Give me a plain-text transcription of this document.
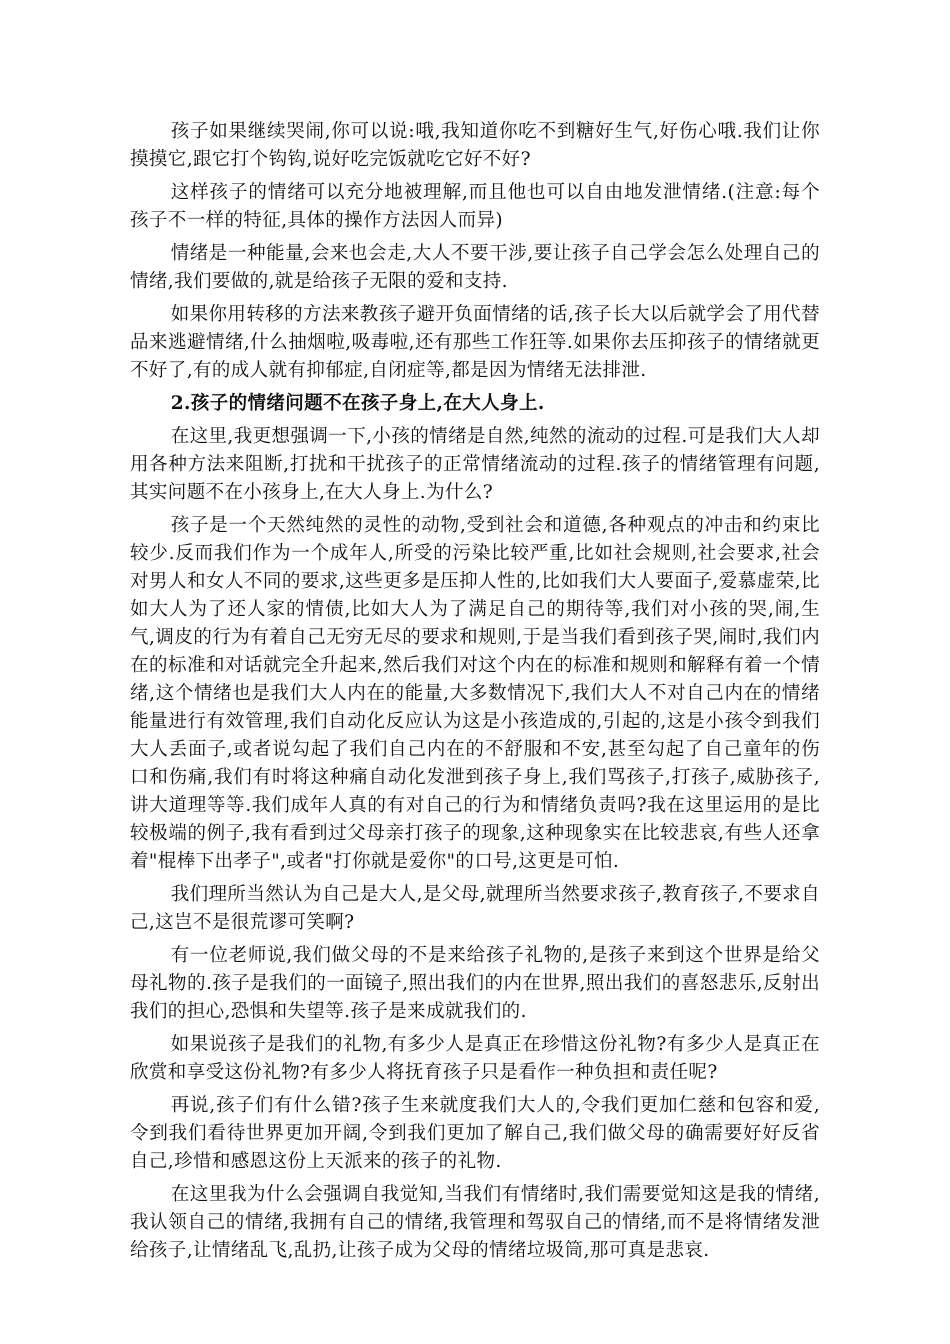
孩子如果继续哭闹,你可以说:哦,我知道你吃不到糖好生气,好伤心哦.我们让你摸摸它,跟它打个钩钩,说好吃完饭就吃它好不好?

这样孩子的情绪可以充分地被理解,而且他也可以自由地发泄情绪.(注意:每个孩子不一样的特征,具体的操作方法因人而异)

情绪是一种能量,会来也会走,大人不要干涉,要让孩子自己学会怎么处理自己的情绪,我们要做的,就是给孩子无限的爱和支持.

如果你用转移的方法来教孩子避开负面情绪的话,孩子长大以后就学会了用代替品来逃避情绪,什么抽烟啦,吸毒啦,还有那些工作狂等.如果你去压抑孩子的情绪就更不好了,有的成人就有抑郁症,自闭症等,都是因为情绪无法排泄.

2.孩子的情绪问题不在孩子身上,在大人身上.

在这里,我更想强调一下,小孩的情绪是自然,纯然的流动的过程.可是我们大人却用各种方法来阻断,打扰和干扰孩子的正常情绪流动的过程.孩子的情绪管理有问题,其实问题不在小孩身上,在大人身上.为什么?

孩子是一个天然纯然的灵性的动物,受到社会和道德,各种观点的冲击和约束比较少.反而我们作为一个成年人,所受的污染比较严重,比如社会规则,社会要求,社会对男人和女人不同的要求,这些更多是压抑人性的,比如我们大人要面子,爱慕虚荣,比如大人为了还人家的情债,比如大人为了满足自己的期待等,我们对小孩的哭,闹,生气,调皮的行为有着自己无穷无尽的要求和规则,于是当我们看到孩子哭,闹时,我们内在的标准和对话就完全升起来,然后我们对这个内在的标准和规则和解释有着一个情绪,这个情绪也是我们大人内在的能量,大多数情况下,我们大人不对自己内在的情绪能量进行有效管理,我们自动化反应认为这是小孩造成的,引起的,这是小孩令到我们大人丢面子,或者说勾起了我们自己内在的不舒服和不安,甚至勾起了自己童年的伤口和伤痛,我们有时将这种痛自动化发泄到孩子身上,我们骂孩子,打孩子,威胁孩子,讲大道理等等.我们成年人真的有对自己的行为和情绪负责吗?我在这里运用的是比较极端的例子,我有看到过父母亲打孩子的现象,这种现象实在比较悲哀,有些人还拿着"棍棒下出孝子",或者"打你就是爱你"的口号,这更是可怕.

我们理所当然认为自己是大人,是父母,就理所当然要求孩子,教育孩子,不要求自己,这岂不是很荒谬可笑啊?

有一位老师说,我们做父母的不是来给孩子礼物的,是孩子来到这个世界是给父母礼物的.孩子是我们的一面镜子,照出我们的内在世界,照出我们的喜怒悲乐,反射出我们的担心,恐惧和失望等.孩子是来成就我们的.

如果说孩子是我们的礼物,有多少人是真正在珍惜这份礼物?有多少人是真正在欣赏和享受这份礼物?有多少人将抚育孩子只是看作一种负担和责任呢?

再说,孩子们有什么错?孩子生来就度我们大人的,令我们更加仁慈和包容和爱,令到我们看待世界更加开阔,令到我们更加了解自己,我们做父母的确需要好好反省自己,珍惜和感恩这份上天派来的孩子的礼物.

在这里我为什么会强调自我觉知,当我们有情绪时,我们需要觉知这是我的情绪,我认领自己的情绪,我拥有自己的情绪,我管理和驾驭自己的情绪,而不是将情绪发泄给孩子,让情绪乱飞,乱扔,让孩子成为父母的情绪垃圾筒,那可真是悲哀.
